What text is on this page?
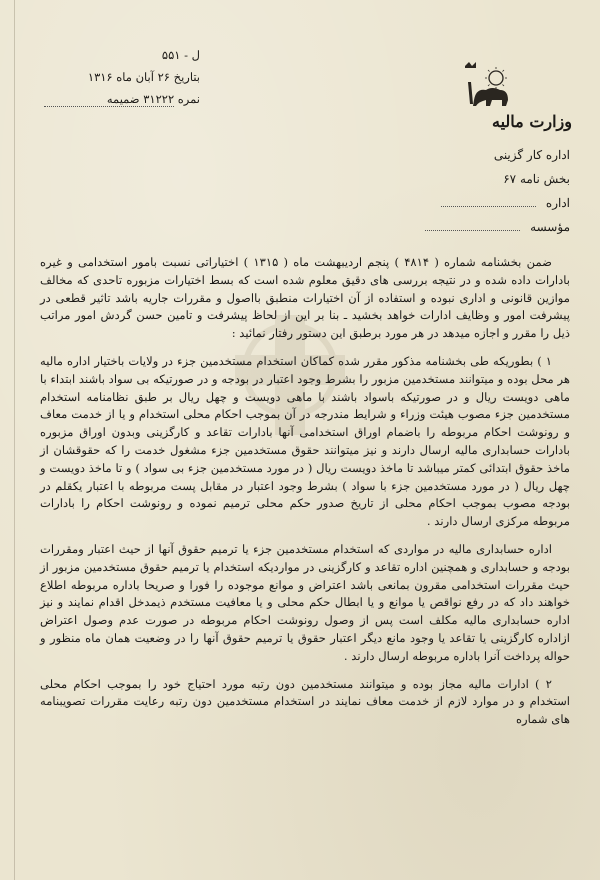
وزارت مالیه
اداره کار گزینی
بخش نامه ۶۷
اداره
مؤسسه
ل - ۵۵۱
بتاریخ ۲۶ آبان ماه ۱۳۱۶
نمره ۳۱۲۲۲ ضمیمه

ضمن بخشنامه شماره ( ۴۸۱۴ ) پنجم اردیبهشت ماه ( ۱۳۱۵ ) اختیاراتی نسبت بامور استخدامی و غیره بادارات داده شده و در نتیجه بررسی های دقیق معلوم شده است که بسط اختیارات مزبوره تاحدی که مخالف موازین قانونی و اداری نبوده و استفاده از آن اختیارات منطبق بااصول و مقررات جاریه باشد تاثیر قطعی در پیشرفت امور و وظایف ادارات خواهد بخشید ـ بنا بر این از لحاظ پیشرفت و تامین حسن گردش امور مراتب ذیل را مقرر و اجازه میدهد در هر مورد برطبق این دستور رفتار نمائید :

۱ ) بطوریکه طی بخشنامه مذکور مقرر شده کماکان استخدام مستخدمین جزء در ولایات باختیار اداره مالیه هر محل بوده و میتوانند مستخدمین مزبور را بشرط وجود اعتبار در بودجه و در صورتیکه بی سواد باشند ابتداء با ماهی دویست ریال و در صورتیکه باسواد باشند با ماهی دویست و چهل ریال بر طبق نظامنامه استخدام مستخدمین جزء مصوب هیئت وزراء و شرایط مندرجه در آن بموجب احکام محلی استخدام و یا از خدمت معاف و رونوشت احکام مربوطه را باضمام اوراق استخدامی آنها بادارات تقاعد و کارگزینی وبدون اوراق مزبوره بادارات حسابداری مالیه ارسال دارند و نیز میتوانند حقوق مستخدمین جزء مشغول خدمت را که حقوقشان از ماخذ حقوق ابتدائی کمتر میباشد تا ماخذ دویست ریال ( در مورد مستخدمین جزء بی سواد ) و تا ماخذ دویست و چهل ریال ( در مورد مستخدمین جزء با سواد ) بشرط وجود اعتبار در مقابل پست مربوطه با اعتبار یکقلم در بودجه مصوب بموجب احکام محلی از تاریخ صدور حکم محلی ترمیم نموده و رونوشت احکام را بادارات مربوطه مرکزی ارسال دارند .

اداره حسابداری مالیه در مواردی که استخدام مستخدمین جزء یا ترمیم حقوق آنها از حیث اعتبار ومقررات بودجه و حسابداری و همچنین اداره تقاعد و کارگزینی در مواردیکه استخدام یا ترمیم حقوق مستخدمین مزبور از حیث مقررات استخدامی مقرون بمانعی باشد اعتراض و موانع موجوده را فورا و صریحا باداره مربوطه اطلاع خواهند داد که در رفع نواقص یا موانع و یا ابطال حکم محلی و یا معافیت مستخدم ذیمدخل اقدام نمایند و نیز اداره حسابداری مالیه مکلف است پس از وصول رونوشت احکام مربوطه در صورت عدم وصول اعتراض ازاداره کارگزینی یا تقاعد یا وجود مانع دیگر اعتبار حقوق یا ترمیم حقوق آنها را در وضعیت همان ماه منظور و حواله پرداخت آنرا باداره مربوطه ارسال دارند .

۲ ) ادارات مالیه مجاز بوده و میتوانند مستخدمین دون رتبه مورد احتیاج خود را بموجب احکام محلی استخدام و در موارد لازم از خدمت معاف نمایند در استخدام مستخدمین دون رتبه رعایت مقررات تصویبنامه های شماره
